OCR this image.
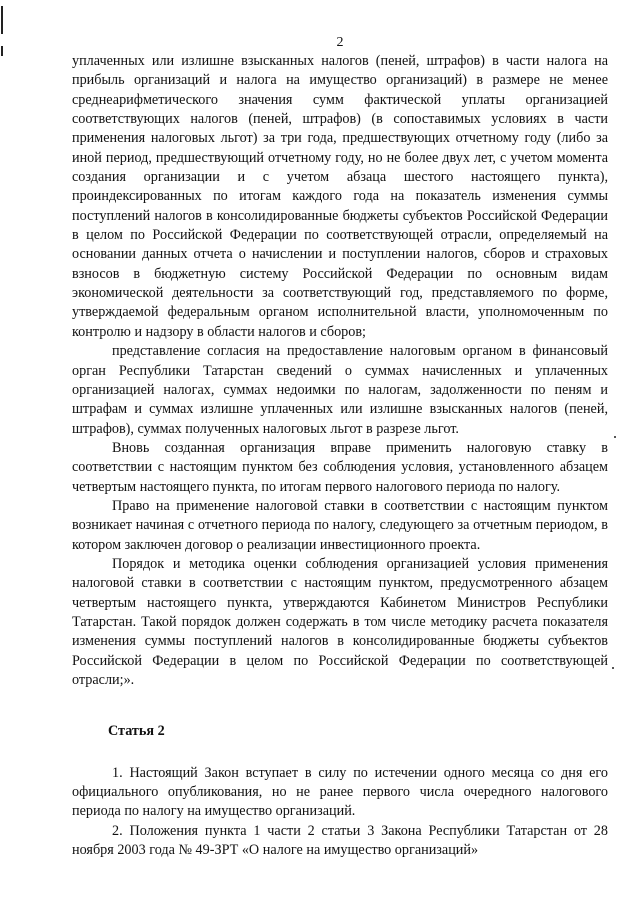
2

уплаченных или излишне взысканных налогов (пеней, штрафов) в части налога на прибыль организаций и налога на имущество организаций) в размере не менее среднеарифметического значения сумм фактической уплаты организацией соответствующих налогов (пеней, штрафов) (в сопоставимых условиях в части применения налоговых льгот) за три года, предшествующих отчетному году (либо за иной период, предшествующий отчетному году, но не более двух лет, с учетом момента создания организации и с учетом абзаца шестого настоящего пункта), проиндексированных по итогам каждого года на показатель изменения суммы поступлений налогов в консолидированные бюджеты субъектов Российской Федерации в целом по Российской Федерации по соответствующей отрасли, определяемый на основании данных отчета о начислении и поступлении налогов, сборов и страховых взносов в бюджетную систему Российской Федерации по основным видам экономической деятельности за соответствующий год, представляемого по форме, утверждаемой федеральным органом исполнительной власти, уполномоченным по контролю и надзору в области налогов и сборов;

представление согласия на предоставление налоговым органом в финансовый орган Республики Татарстан сведений о суммах начисленных и уплаченных организацией налогах, суммах недоимки по налогам, задолженности по пеням и штрафам и суммах излишне уплаченных или излишне взысканных налогов (пеней, штрафов), суммах полученных налоговых льгот в разрезе льгот.

Вновь созданная организация вправе применить налоговую ставку в соответствии с настоящим пунктом без соблюдения условия, установленного абзацем четвертым настоящего пункта, по итогам первого налогового периода по налогу.

Право на применение налоговой ставки в соответствии с настоящим пунктом возникает начиная с отчетного периода по налогу, следующего за отчетным периодом, в котором заключен договор о реализации инвестиционного проекта.

Порядок и методика оценки соблюдения организацией условия применения налоговой ставки в соответствии с настоящим пунктом, предусмотренного абзацем четвертым настоящего пункта, утверждаются Кабинетом Министров Республики Татарстан. Такой порядок должен содержать в том числе методику расчета показателя изменения суммы поступлений налогов в консолидированные бюджеты субъектов Российской Федерации в целом по Российской Федерации по соответствующей отрасли;».

Статья 2

1. Настоящий Закон вступает в силу по истечении одного месяца со дня его официального опубликования, но не ранее первого числа очередного налогового периода по налогу на имущество организаций.

2. Положения пункта 1 части 2 статьи 3 Закона Республики Татарстан от 28 ноября 2003 года № 49-ЗРТ «О налоге на имущество организаций»
